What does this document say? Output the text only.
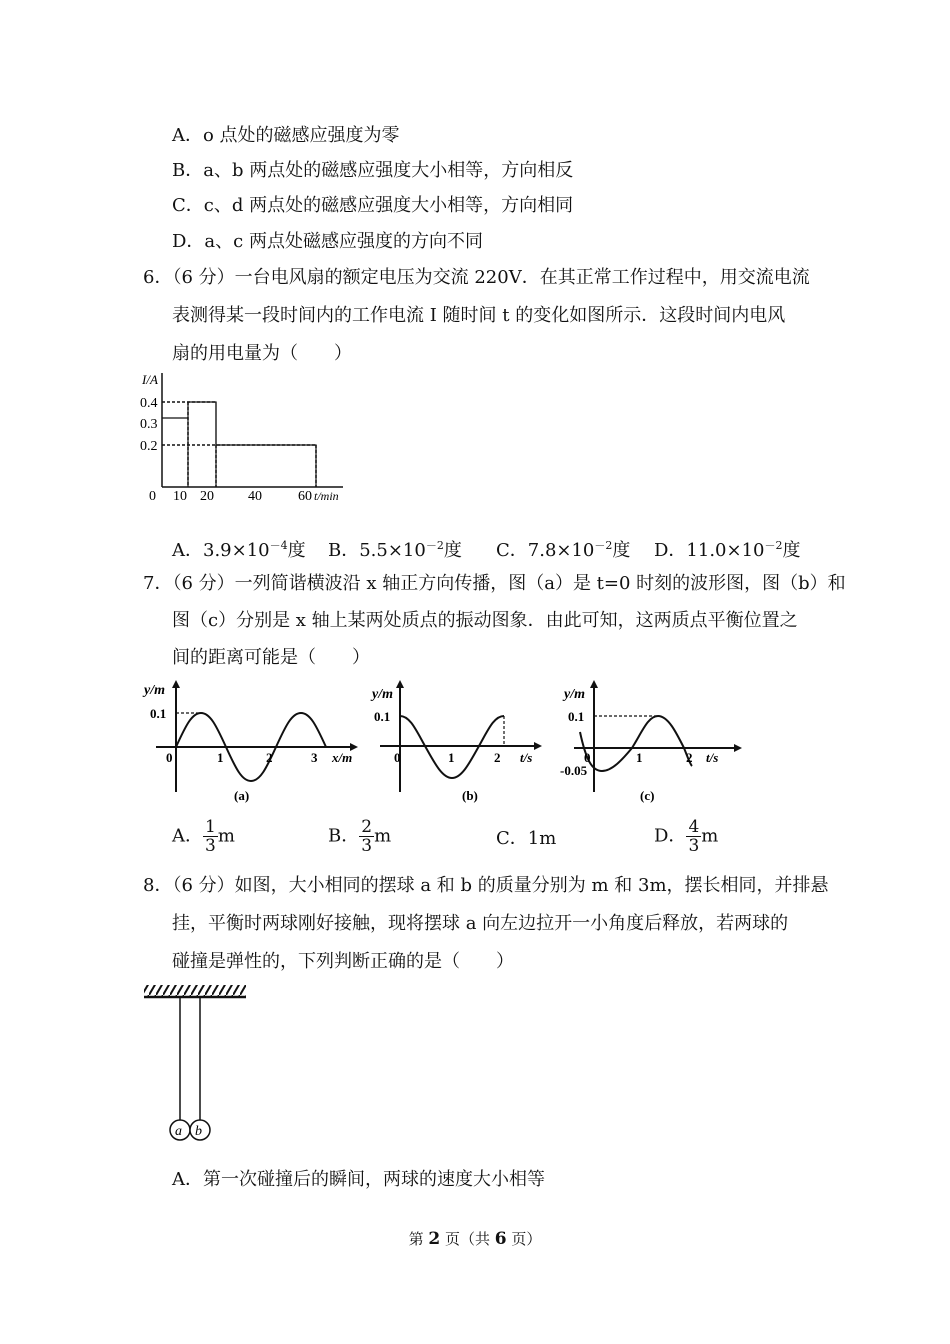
A．o 点处的磁感应强度为零
B．a、b 两点处的磁感应强度大小相等，方向相反
C．c、d 两点处的磁感应强度大小相等，方向相同
D．a、c 两点处磁感应强度的方向不同
6．（6 分）一台电风扇的额定电压为交流 220V．在其正常工作过程中，用交流电流
表测得某一段时间内的工作电流 I 随时间 t 的变化如图所示．这段时间内电风
扇的用电量为（　　）
I/A
0.4
0.3
0.2
0 10 20 40	60 t/min
A．$3.9\times 10^{-4}$度 B．$5.5\times 10^{-2}$度 C．$7.8\times 10^{-2}$度 D．$11.0\times 10^{-2}$度
7．（6 分）一列简谐横波沿 x 轴正方向传播，图（a）是 t=0 时刻的波形图，图（b）和
图（c）分别是 x 轴上某两处质点的振动图象．由此可知，这两质点平衡位置之
间的距离可能是（　　）
y/m
0.1
0	1	2	3 x/m
(a)
y/m
0.1
0	1	2 t/s
(b)
y/m
0.1
-0.05
0	1	2 t/s
(c)
A． $\frac{1}{3}$ m	B． $\frac{2}{3}$ m	C．1m	D． $\frac{4}{3}$ m
8．（6 分）如图，大小相同的摆球 a 和 b 的质量分别为 m 和 3m，摆长相同，并排悬
挂，平衡时两球刚好接触，现将摆球 a 向左边拉开一小角度后释放，若两球的
碰撞是弹性的，下列判断正确的是（　　）
a b
A．第一次碰撞后的瞬间，两球的速度大小相等
第 2 页（共 6 页）
